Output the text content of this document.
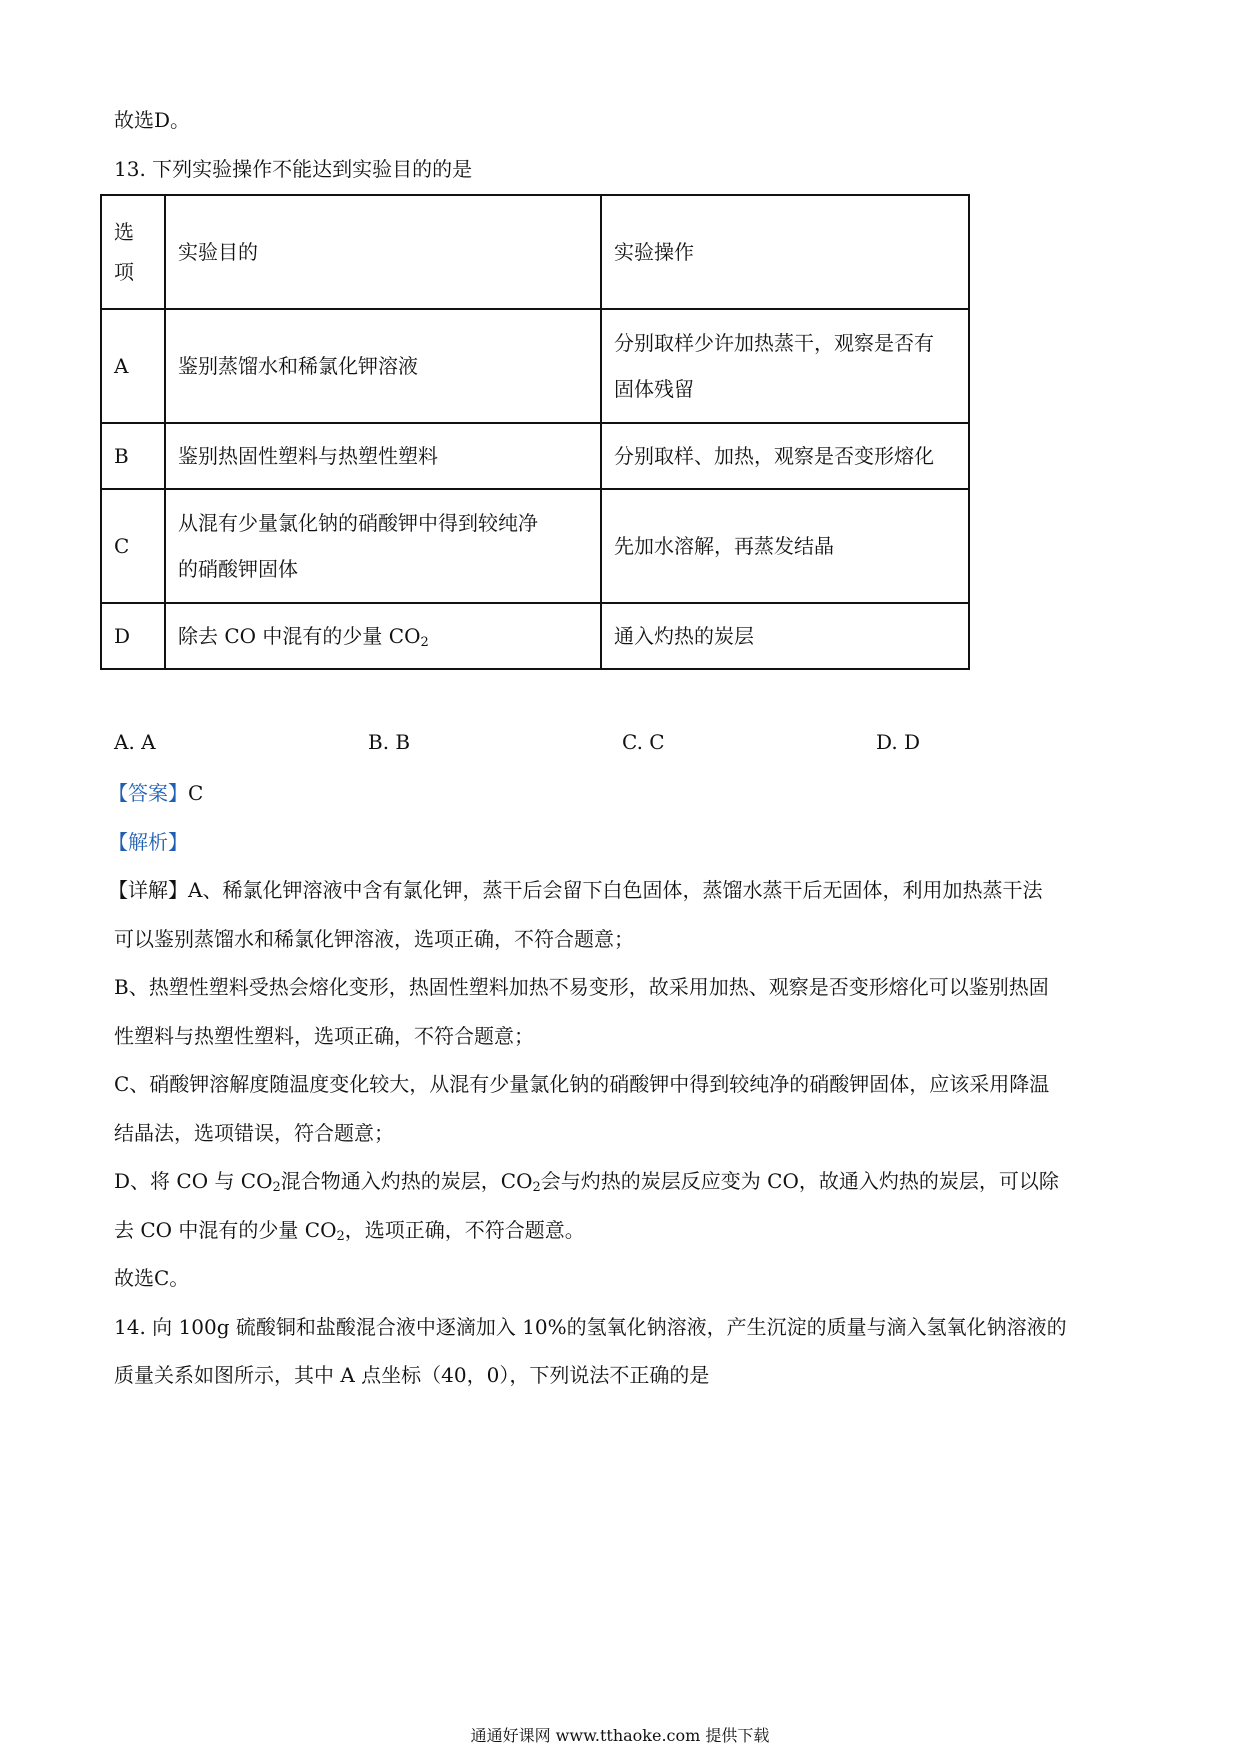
故选D。
13. 下列实验操作不能达到实验目的的是
选
项	实验目的	实验操作
A	鉴别蒸馏水和稀氯化钾溶液	分别取样少许加热蒸干，观察是否有
固体残留

B	鉴别热固性塑料与热塑性塑料	分别取样、加热，观察是否变形熔化
C	从混有少量氯化钠的硝酸钾中得到较纯净
的硝酸钾固体	先加水溶解，再蒸发结晶
D	除去 CO 中混有的少量 $CO_2$	通入灼热的炭层
A. A	B. B	C. C	D. D
【答案】C
【解析】
【详解】A、稀氯化钾溶液中含有氯化钾，蒸干后会留下白色固体，蒸馏水蒸干后无固体，利用加热蒸干法
可以鉴别蒸馏水和稀氯化钾溶液，选项正确，不符合题意；
B、热塑性塑料受热会熔化变形，热固性塑料加热不易变形，故采用加热、观察是否变形熔化可以鉴别热固
性塑料与热塑性塑料，选项正确，不符合题意；
C、硝酸钾溶解度随温度变化较大，从混有少量氯化钠的硝酸钾中得到较纯净的硝酸钾固体，应该采用降温
结晶法，选项错误，符合题意；
D、将 CO 与 $CO_2$混合物通入灼热的炭层，$CO_2$会与灼热的炭层反应变为 CO，故通入灼热的炭层，可以除
去 CO 中混有的少量 $CO_2$，选项正确，不符合题意。
故选C。
14. 向 100g 硫酸铜和盐酸混合液中逐滴加入 10%的氢氧化钠溶液，产生沉淀的质量与滴入氢氧化钠溶液的
质量关系如图所示，其中 A 点坐标（40，0），下列说法不正确的是
通通好课网 www.tthaoke.com 提供下载
